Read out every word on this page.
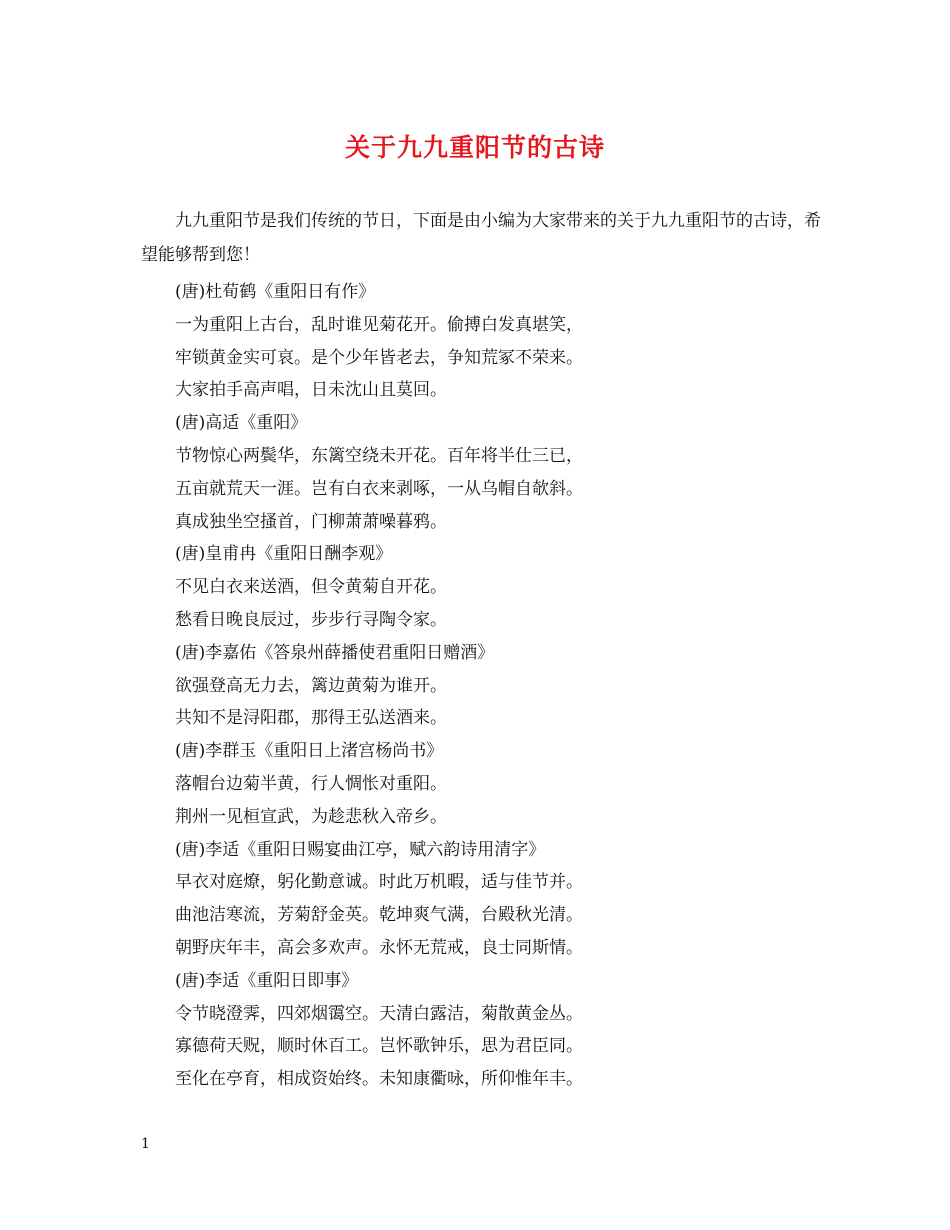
关于九九重阳节的古诗

九九重阳节是我们传统的节日，下面是由小编为大家带来的关于九九重阳节的古诗，希望能够帮到您！

(唐)杜荀鹤《重阳日有作》
一为重阳上古台，乱时谁见菊花开。偷搏白发真堪笑，
牢锁黄金实可哀。是个少年皆老去，争知荒冢不荣来。
大家拍手高声唱，日未沈山且莫回。
(唐)高适《重阳》
节物惊心两鬓华，东篱空绕未开花。百年将半仕三已，
五亩就荒天一涯。岂有白衣来剥啄，一从乌帽自欹斜。
真成独坐空搔首，门柳萧萧噪暮鸦。
(唐)皇甫冉《重阳日酬李观》
不见白衣来送酒，但令黄菊自开花。
愁看日晚良辰过，步步行寻陶令家。
(唐)李嘉佑《答泉州薛播使君重阳日赠酒》
欲强登高无力去，篱边黄菊为谁开。
共知不是浔阳郡，那得王弘送酒来。
(唐)李群玉《重阳日上渚宫杨尚书》
落帽台边菊半黄，行人惆怅对重阳。
荆州一见桓宣武，为趁悲秋入帝乡。
(唐)李适《重阳日赐宴曲江亭，赋六韵诗用清字》
早衣对庭燎，躬化勤意诚。时此万机暇，适与佳节并。
曲池洁寒流，芳菊舒金英。乾坤爽气满，台殿秋光清。
朝野庆年丰，高会多欢声。永怀无荒戒，良士同斯情。
(唐)李适《重阳日即事》
令节晓澄霁，四郊烟霭空。天清白露洁，菊散黄金丛。
寡德荷天贶，顺时休百工。岂怀歌钟乐，思为君臣同。
至化在亭育，相成资始终。未知康衢咏，所仰惟年丰。
1
